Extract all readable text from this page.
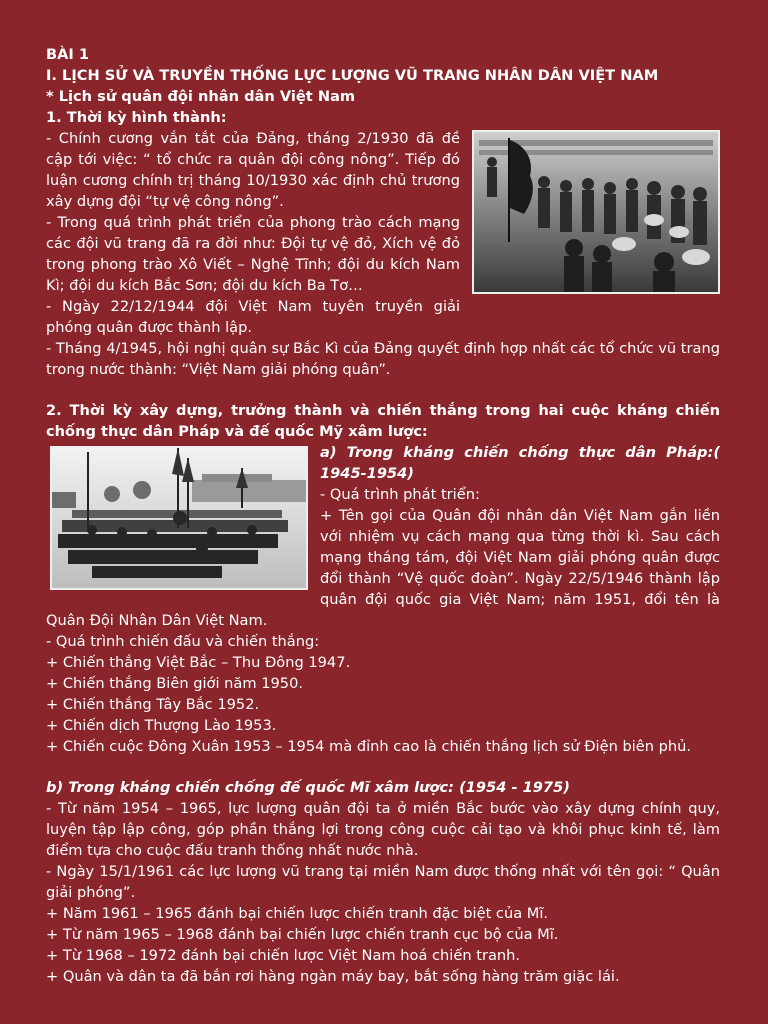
BÀI 1

I. LỊCH SỬ VÀ TRUYỀN THỐNG LỰC LƯỢNG VŨ TRANG NHÂN DÂN VIỆT NAM

* Lịch sử quân đội nhân dân Việt Nam

1. Thời kỳ hình thành:

- Chính cương vắn tắt của Đảng, tháng 2/1930 đã đề cập tới việc: “ tổ chức ra quân đội công nông”. Tiếp đó luận cương chính trị tháng 10/1930 xác định chủ trương xây dựng đội “tự vệ công nông”.

- Trong quá trình phát triển của phong trào cách mạng các đội vũ trang đã ra đời như: Đội tự vệ đỏ, Xích vệ đỏ trong phong trào Xô Viết – Nghệ Tĩnh; đội du kích Nam Kì; đội du kích Bắc Sơn; đội du kích Ba Tơ…

- Ngày 22/12/1944 đội Việt Nam tuyên truyền giải phóng quân được thành lập.

- Tháng 4/1945, hội nghị quân sự Bắc Kì của Đảng quyết định hợp nhất các tổ chức vũ trang trong nước thành: “Việt Nam giải phóng quân”.

2. Thời kỳ xây dựng, trưởng thành và chiến thắng trong hai cuộc kháng chiến chống thực dân Pháp và đế quốc Mỹ xâm lược:

a) Trong kháng chiến chống thực dân Pháp:( 1945-1954)

- Quá trình phát triển:

+ Tên gọi của Quân đội nhân dân Việt Nam gắn liền với nhiệm vụ cách mạng qua từng thời kì. Sau cách mạng tháng tám, đội Việt Nam giải phóng quân được đổi thành “Vệ quốc đoàn”. Ngày 22/5/1946 thành lập quân đội quốc gia Việt Nam; năm 1951, đổi tên là Quân Đội Nhân Dân Việt Nam.

- Quá trình chiến đấu và chiến thắng:

+ Chiến thắng Việt Bắc – Thu Đông 1947.

+ Chiến thắng Biên giới năm 1950.

+ Chiến thắng Tây Bắc 1952.

+ Chiến dịch Thượng Lào 1953.

+ Chiến cuộc Đông Xuân 1953 – 1954 mà đỉnh cao là chiến thắng lịch sử Điện biên phủ.

b) Trong kháng chiến chống đế quốc Mĩ xâm lược: (1954 - 1975)

- Từ năm 1954 – 1965, lực lượng quân đội ta ở miền Bắc bước vào xây dựng chính quy, luyện tập lập công, góp phần thắng lợi trong công cuộc cải tạo và khôi phục kinh tế, làm điểm tựa cho cuộc đấu tranh thống nhất nước nhà.

- Ngày 15/1/1961 các lực lượng vũ trang tại miền Nam được thống nhất với tên gọi: “ Quân giải phóng”.

+ Năm 1961 – 1965 đánh bại chiến lược chiến tranh đặc biệt của Mĩ.

+ Từ năm 1965 – 1968 đánh bại chiến lược chiến tranh cục bộ của Mĩ.

+ Từ 1968 – 1972 đánh bại chiến lược Việt Nam hoá chiến tranh.

+ Quân và dân ta đã bắn rơi hàng ngàn máy bay, bắt sống hàng trăm giặc lái.
